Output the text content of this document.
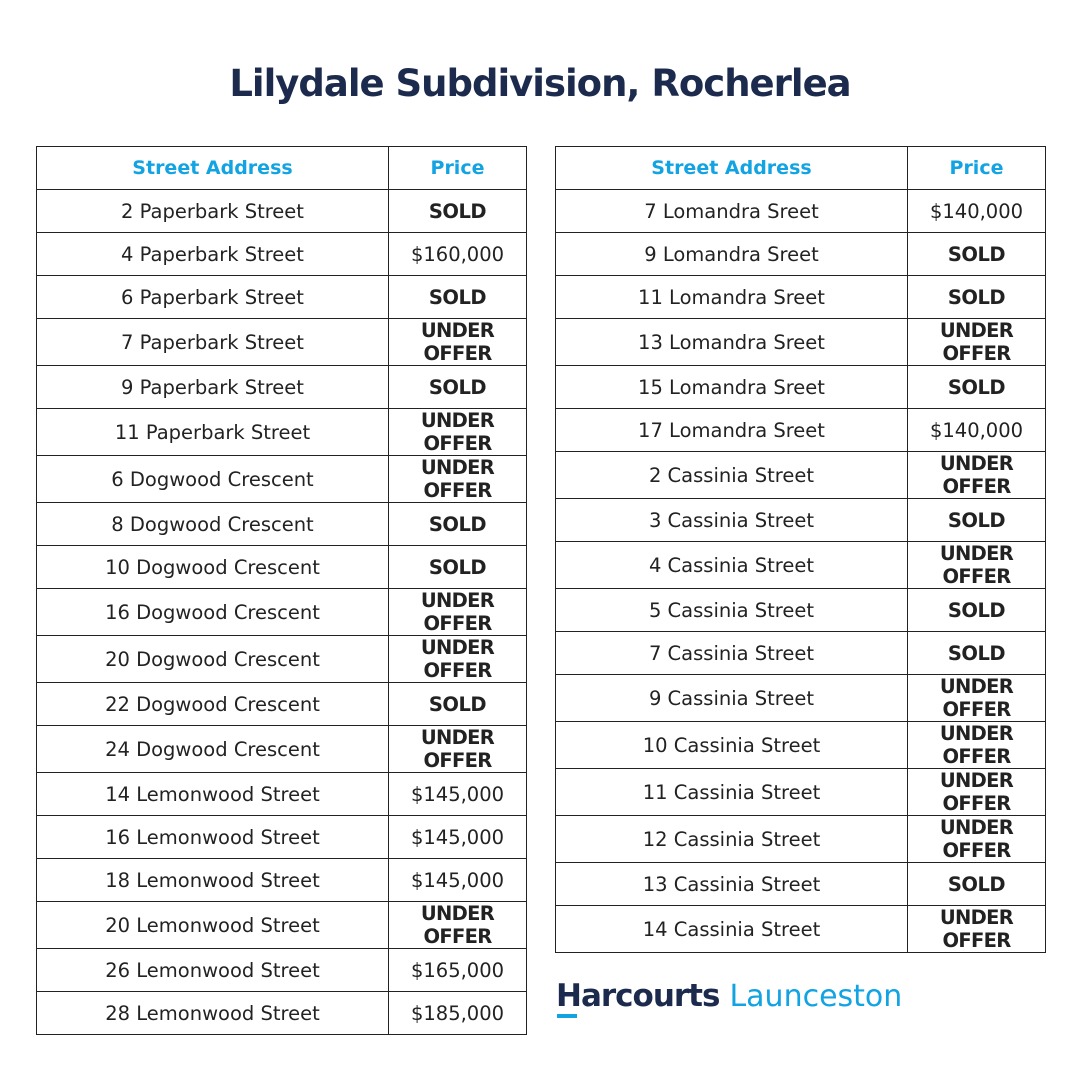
Lilydale Subdivision, Rocherlea
Street Address	Price
2 Paperbark Street	SOLD
4 Paperbark Street	$160,000
6 Paperbark Street	SOLD
7 Paperbark Street	UNDER OFFER
9 Paperbark Street	SOLD
11 Paperbark Street	UNDER OFFER
6 Dogwood Crescent	UNDER OFFER
8 Dogwood Crescent	SOLD
10 Dogwood Crescent	SOLD
16 Dogwood Crescent	UNDER OFFER
20 Dogwood Crescent	UNDER OFFER
22 Dogwood Crescent	SOLD
24 Dogwood Crescent	UNDER OFFER
14 Lemonwood Street	$145,000
16 Lemonwood Street	$145,000
18 Lemonwood Street	$145,000
20 Lemonwood Street	UNDER OFFER
26 Lemonwood Street	$165,000
28 Lemonwood Street	$185,000
Street Address	Price
7 Lomandra Sreet	$140,000
9 Lomandra Sreet	SOLD
11 Lomandra Sreet	SOLD
13 Lomandra Sreet	UNDER OFFER
15 Lomandra Sreet	SOLD
17 Lomandra Sreet	$140,000
2 Cassinia Street	UNDER OFFER
3 Cassinia Street	SOLD
4 Cassinia Street	UNDER OFFER
5 Cassinia Street	SOLD
7 Cassinia Street	SOLD
9 Cassinia Street	UNDER OFFER
10 Cassinia Street	UNDER OFFER
11 Cassinia Street	UNDER OFFER
12 Cassinia Street	UNDER OFFER
13 Cassinia Street	SOLD
14 Cassinia Street	UNDER OFFER
Harcourts Launceston
